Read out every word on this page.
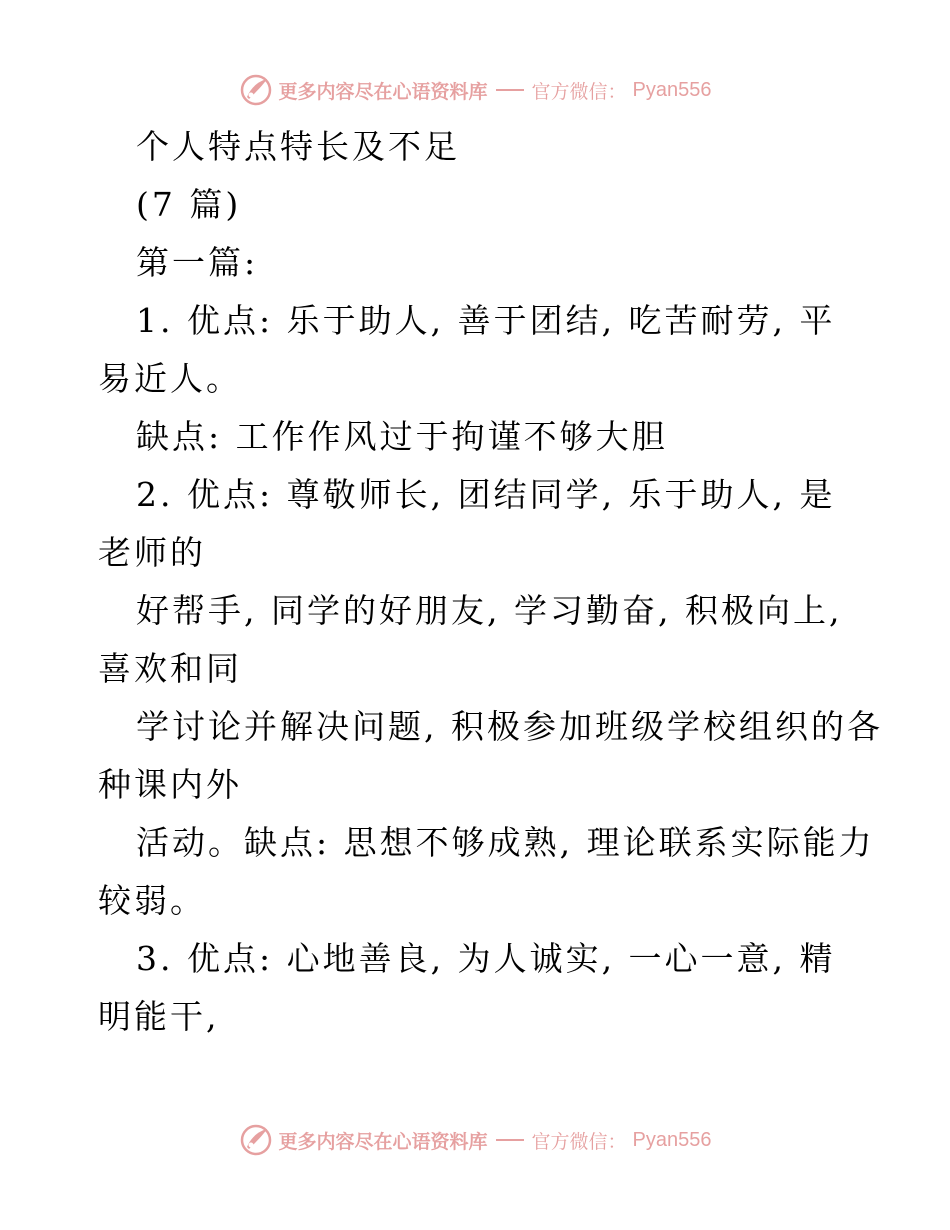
更多内容尽在心语资料库 官方微信： Pyan556
个人特点特长及不足
(7 篇)
第一篇:
1. 优点: 乐于助人, 善于团结, 吃苦耐劳, 平
易近人。
缺点: 工作作风过于拘谨不够大胆
2. 优点: 尊敬师长, 团结同学, 乐于助人, 是
老师的
好帮手, 同学的好朋友, 学习勤奋, 积极向上,
喜欢和同
学讨论并解决问题, 积极参加班级学校组织的各
种课内外
活动。缺点: 思想不够成熟, 理论联系实际能力
较弱。
3. 优点: 心地善良, 为人诚实, 一心一意, 精
明能干,
更多内容尽在心语资料库 官方微信： Pyan556
